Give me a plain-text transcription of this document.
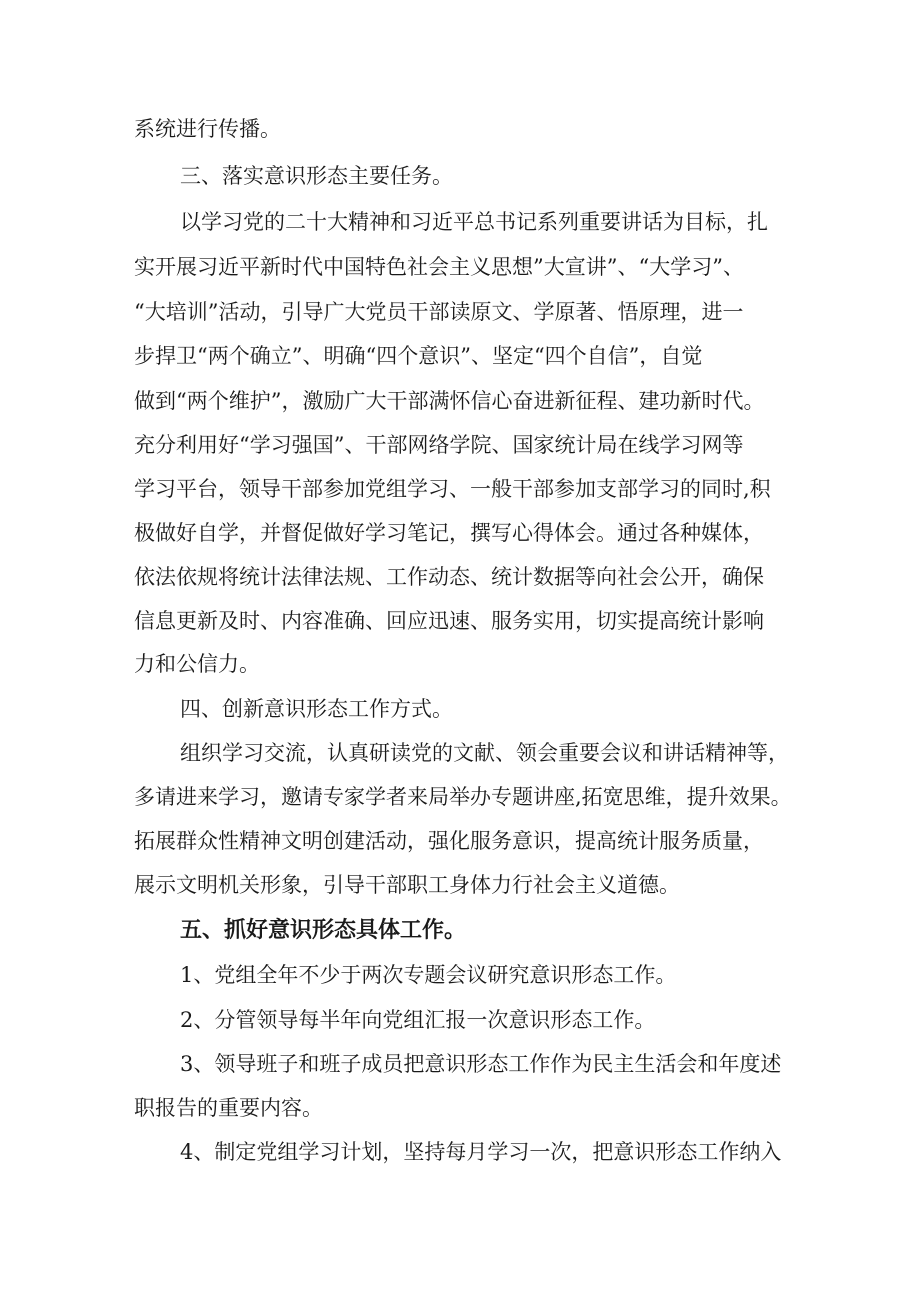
系统进行传播。
三、落实意识形态主要任务。
以学习党的二十大精神和习近平总书记系列重要讲话为目标，扎
实开展习近平新时代中国特色社会主义思想”大宣讲”、“大学习”、
“大培训”活动，引导广大党员干部读原文、学原著、悟原理，进一
步捍卫“两个确立”、明确“四个意识”、坚定“四个自信”，自觉
做到“两个维护”，激励广大干部满怀信心奋进新征程、建功新时代。
充分利用好“学习强国”、干部网络学院、国家统计局在线学习网等
学习平台，领导干部参加党组学习、一般干部参加支部学习的同时,积
极做好自学，并督促做好学习笔记，撰写心得体会。通过各种媒体，
依法依规将统计法律法规、工作动态、统计数据等向社会公开，确保
信息更新及时、内容准确、回应迅速、服务实用，切实提高统计影响
力和公信力。
四、创新意识形态工作方式。
组织学习交流，认真研读党的文献、领会重要会议和讲话精神等，
多请进来学习，邀请专家学者来局举办专题讲座,拓宽思维，提升效果。
拓展群众性精神文明创建活动，强化服务意识，提高统计服务质量，
展示文明机关形象，引导干部职工身体力行社会主义道德。
五、抓好意识形态具体工作。
1、党组全年不少于两次专题会议研究意识形态工作。
2、分管领导每半年向党组汇报一次意识形态工作。
3、领导班子和班子成员把意识形态工作作为民主生活会和年度述
职报告的重要内容。
4、制定党组学习计划，坚持每月学习一次，把意识形态工作纳入
